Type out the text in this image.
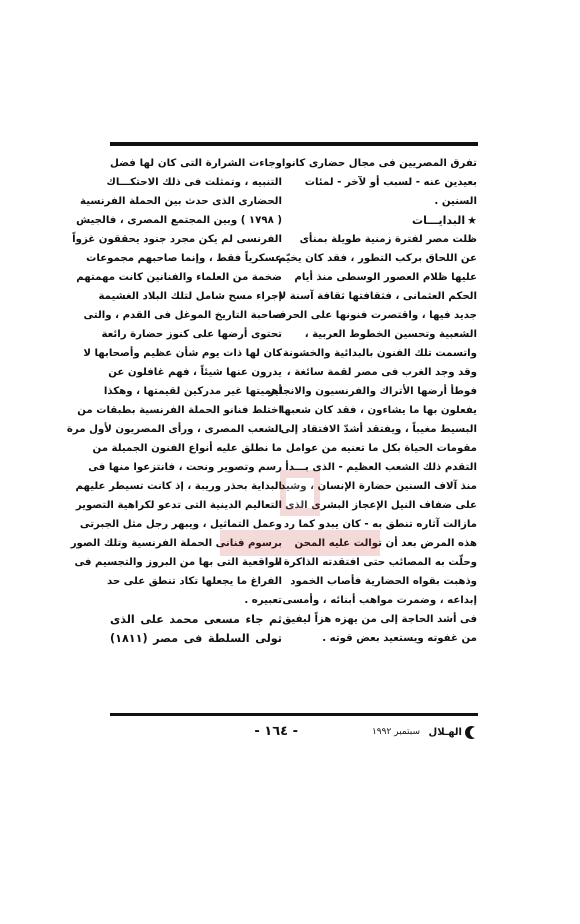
تفرق المصريين فى مجال حضارى كانوا
بعيدين عنه - لسبب أو لآخر - لمئات
السنين .
★البدايـــات
ظلت مصر لفترة زمنية طويلة بمنأى
عن اللحاق بركب التطور ، فقد كان يخيّم
عليها ظلام العصور الوسطى منذ أيام
الحكم العثمانى ، فثقافتها ثقافة آسنة لا
جديد فيها ، واقتصرت فنونها على الحرف
الشعبية وتحسين الخطوط العربية ،
واتسمت تلك الفنون بالبدائية والخشونة .
وقد وجد الغرب فى مصر لقمة سائغة ،
فوطأ أرضها الأتراك والفرنسيون والانجليز
يفعلون بها ما يشاءون ، فقد كان شعبها
البسيط مغيباً ، ويفتقد أشدّ الافتقاد إلى
مقومات الحياة بكل ما تعنيه من عوامل
التقدم ذلك الشعب العظيم - الذى بـــدأ
منذ آلاف السنين حضارة الإنسان ، وشيد
على ضفاف النيل الإعجاز البشرى الذى
مازالت آثاره تنطق به - كان يبدو كما رد
هذه المرض بعد أن توالت عليه المحن
وحلّت به المصائب حتى افتقدته الذاكرة ،
وذهبت بقواه الحضارية فأصاب الخمود
إبداعه ، وضمرت مواهب أبنائه ، وأمسى
فى أشد الحاجة إلى من يهزه هزاً ليفيق
من غفوته ويستعيد بعض قوته .
وجاءت الشرارة التى كان لها فضل
التنبيه ، وتمثلت فى ذلك الاحتكـــاك
الحضارى الذى حدث بين الحملة الفرنسية
( ١٧٩٨ ) وبين المجتمع المصرى ، فالجيش
الفرنسى لم يكن مجرد جنود يحققون غزواً
عسكرياً فقط ، وإنما صاحبهم مجموعات
ضخمة من العلماء والفنانين كانت مهمتهم
إجراء مسح شامل لتلك البلاد الغشيمة
صاحبة التاريخ الموغل فى القدم ، والتى
تحتوى أرضها على كنوز حضارة رائعة
كان لها ذات يوم شأن عظيم وأصحابها لا
يدرون عنها شيئاً ، فهم غافلون عن
أهميتها غير مدركين لقيمتها ، وهكذا
اختلط فنانو الحملة الفرنسية بطبقات من
الشعب المصرى ، ورأى المصريون لأول مرة
ما نطلق عليه أنواع الفنون الجميلة من
رسم وتصوير ونحت ، فانتزعوا منها فى
البداية بحذر وريبة ، إذ كانت تسيطر عليهم
التعاليم الدينية التى تدعو لكراهية التصوير
وعمل التماثيل ، ويبهر رجل مثل الجبرتى
برسوم فنانى الحملة الفرنسية وتلك الصور
الواقعية التى بها من البروز والتجسيم فى
الفراغ ما يجعلها تكاد تنطق على حد
تعبيره .
ثم جاء مسعى محمد على الذى
تولى السلطة فى مصر (١٨١١)
الهـلال
سبتمبر ١٩٩٢
- ١٦٤ -
